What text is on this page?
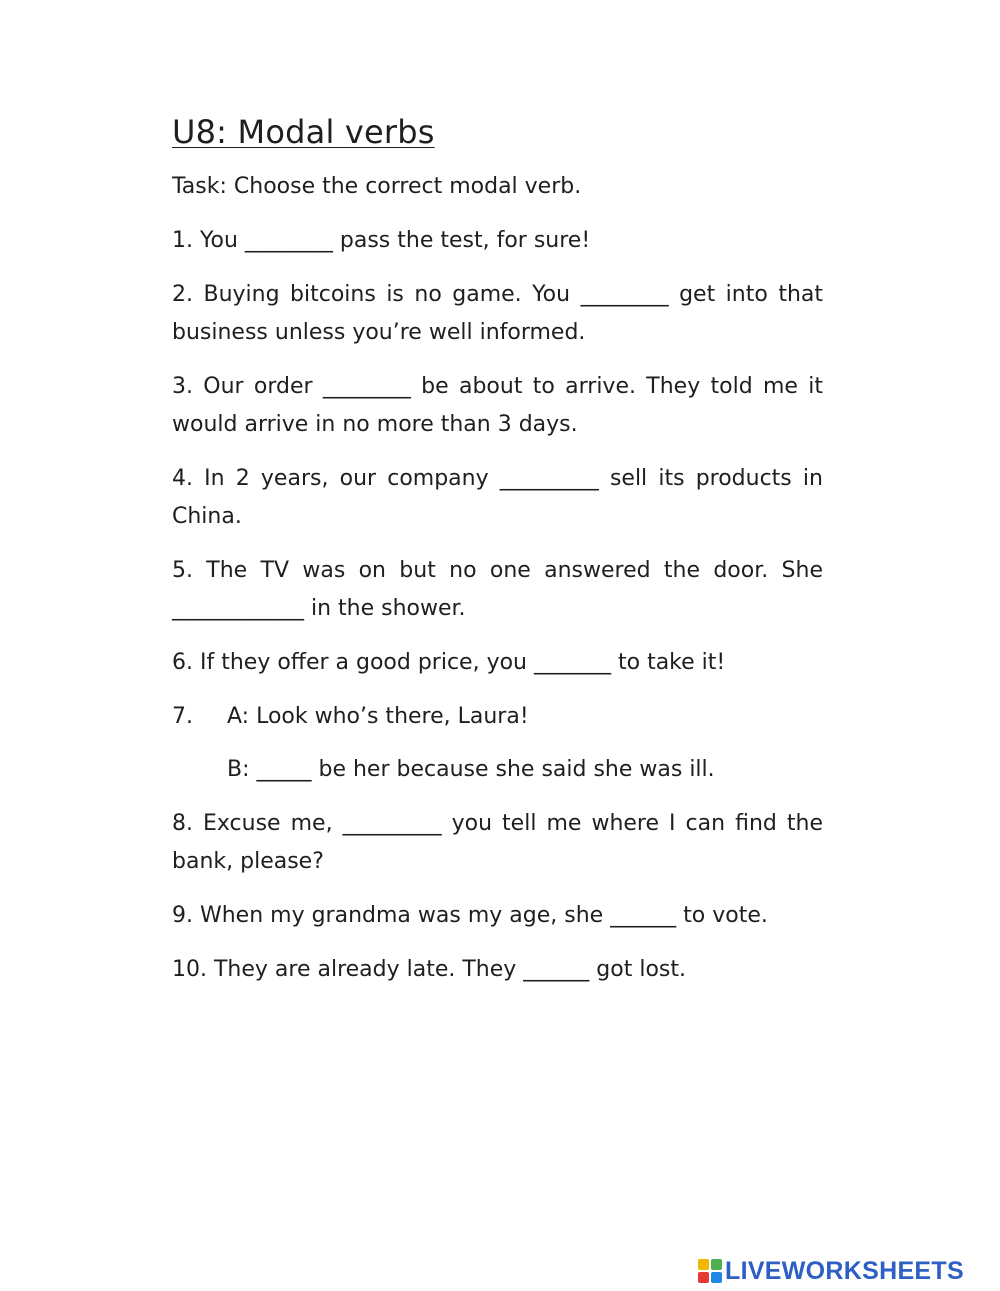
U8: Modal verbs

Task: Choose the correct modal verb.

1. You ________ pass the test, for sure!

2. Buying bitcoins is no game. You ________ get into that business unless you’re well informed.

3. Our order ________ be about to arrive. They told me it would arrive in no more than 3 days.

4. In 2 years, our company _________ sell its products in China.

5. The TV was on but no one answered the door. She ____________ in the shower.

6. If they offer a good price, you _______ to take it!

7.	A: Look who’s there, Laura!
B: _____ be her because she said she was ill.

8. Excuse me, _________ you tell me where I can find the bank, please?

9. When my grandma was my age, she ______ to vote.

10. They are already late. They ______ got lost.

LIVEWORKSHEETS
